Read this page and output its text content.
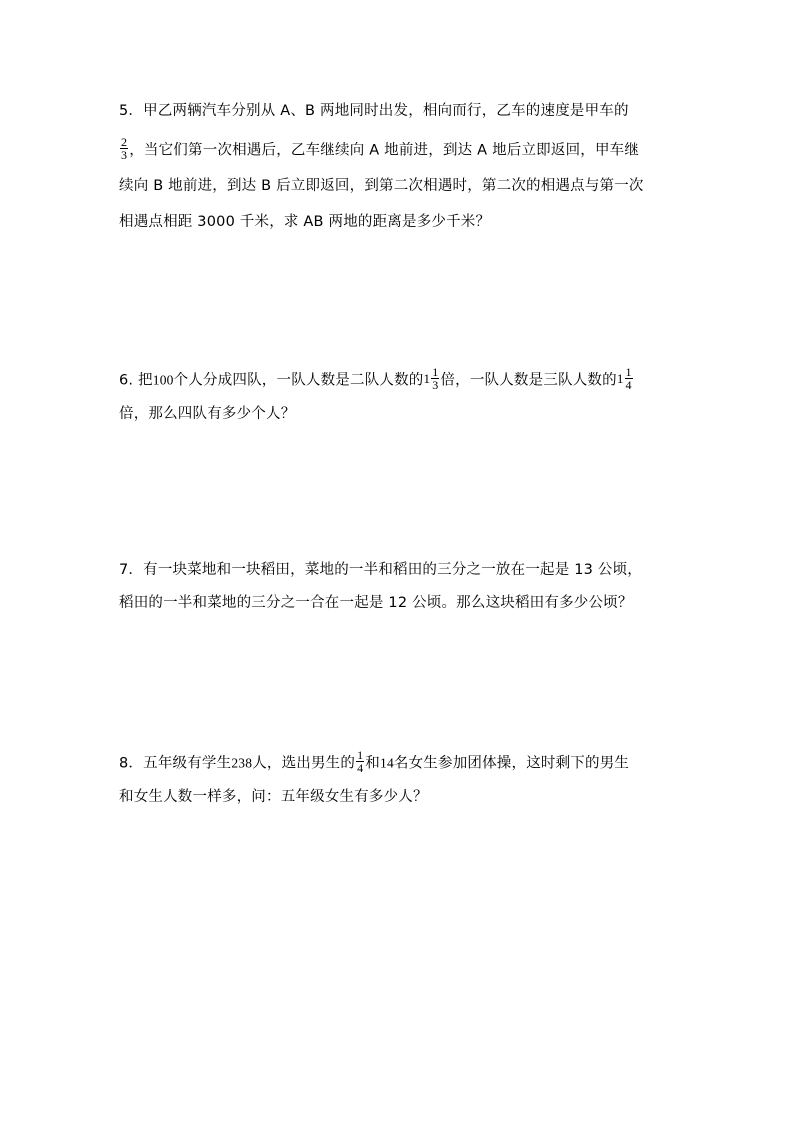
5．甲乙两辆汽车分别从 A、B 两地同时出发，相向而行，乙车的速度是甲车的
$\frac{2}{3}$ ，当它们第一次相遇后，乙车继续向 A 地前进，到达 A 地后立即返回，甲车继
续向 B 地前进，到达 B 后立即返回，到第二次相遇时，第二次的相遇点与第一次
相遇点相距 3000 千米，求 AB 两地的距离是多少千米？
6. 把100个人分成四队，一队人数是二队人数的$1 \frac{1}{3}$ 倍，一队人数是三队人数的$1 \frac{1}{4}$
倍，那么四队有多少个人？
7．有一块菜地和一块稻田，菜地的一半和稻田的三分之一放在一起是 13 公顷，
稻田的一半和菜地的三分之一合在一起是 12 公顷。那么这块稻田有多少公顷？
8．五年级有学生238人，选出男生的 $\frac{1}{4}$ 和14名女生参加团体操，这时剩下的男生
和女生人数一样多，问：五年级女生有多少人？
